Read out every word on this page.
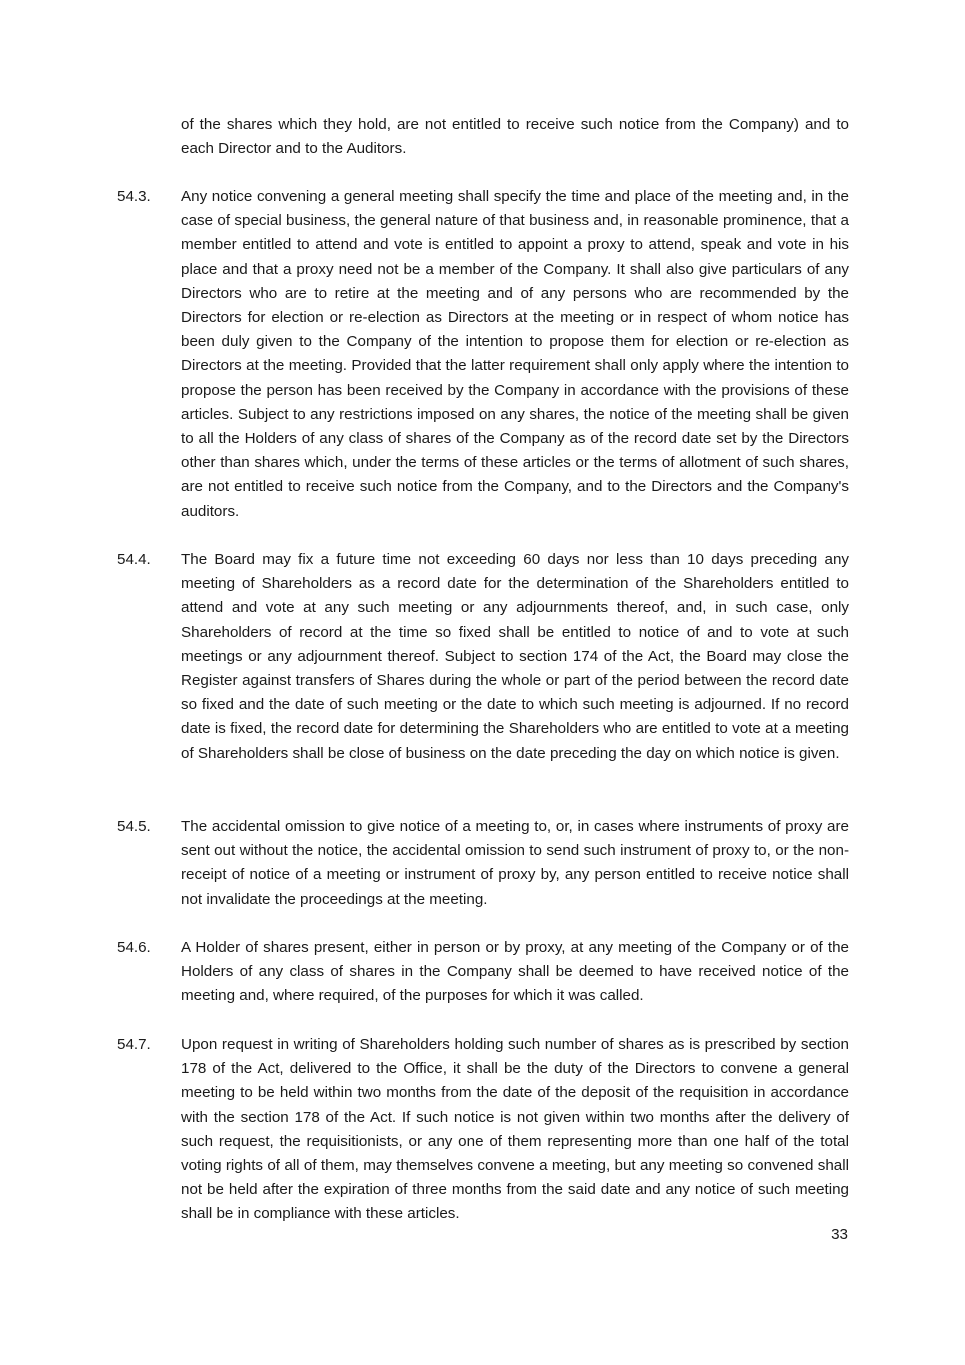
of the shares which they hold, are not entitled to receive such notice from the Company) and to each Director and to the Auditors.
54.3. Any notice convening a general meeting shall specify the time and place of the meeting and, in the case of special business, the general nature of that business and, in reasonable prominence, that a member entitled to attend and vote is entitled to appoint a proxy to attend, speak and vote in his place and that a proxy need not be a member of the Company. It shall also give particulars of any Directors who are to retire at the meeting and of any persons who are recommended by the Directors for election or re-election as Directors at the meeting or in respect of whom notice has been duly given to the Company of the intention to propose them for election or re-election as Directors at the meeting. Provided that the latter requirement shall only apply where the intention to propose the person has been received by the Company in accordance with the provisions of these articles. Subject to any restrictions imposed on any shares, the notice of the meeting shall be given to all the Holders of any class of shares of the Company as of the record date set by the Directors other than shares which, under the terms of these articles or the terms of allotment of such shares, are not entitled to receive such notice from the Company, and to the Directors and the Company's auditors.
54.4. The Board may fix a future time not exceeding 60 days nor less than 10 days preceding any meeting of Shareholders as a record date for the determination of the Shareholders entitled to attend and vote at any such meeting or any adjournments thereof, and, in such case, only Shareholders of record at the time so fixed shall be entitled to notice of and to vote at such meetings or any adjournment thereof. Subject to section 174 of the Act, the Board may close the Register against transfers of Shares during the whole or part of the period between the record date so fixed and the date of such meeting or the date to which such meeting is adjourned. If no record date is fixed, the record date for determining the Shareholders who are entitled to vote at a meeting of Shareholders shall be close of business on the date preceding the day on which notice is given.
54.5. The accidental omission to give notice of a meeting to, or, in cases where instruments of proxy are sent out without the notice, the accidental omission to send such instrument of proxy to, or the non-receipt of notice of a meeting or instrument of proxy by, any person entitled to receive notice shall not invalidate the proceedings at the meeting.
54.6. A Holder of shares present, either in person or by proxy, at any meeting of the Company or of the Holders of any class of shares in the Company shall be deemed to have received notice of the meeting and, where required, of the purposes for which it was called.
54.7. Upon request in writing of Shareholders holding such number of shares as is prescribed by section 178 of the Act, delivered to the Office, it shall be the duty of the Directors to convene a general meeting to be held within two months from the date of the deposit of the requisition in accordance with the section 178 of the Act. If such notice is not given within two months after the delivery of such request, the requisitionists, or any one of them representing more than one half of the total voting rights of all of them, may themselves convene a meeting, but any meeting so convened shall not be held after the expiration of three months from the said date and any notice of such meeting shall be in compliance with these articles.
33
